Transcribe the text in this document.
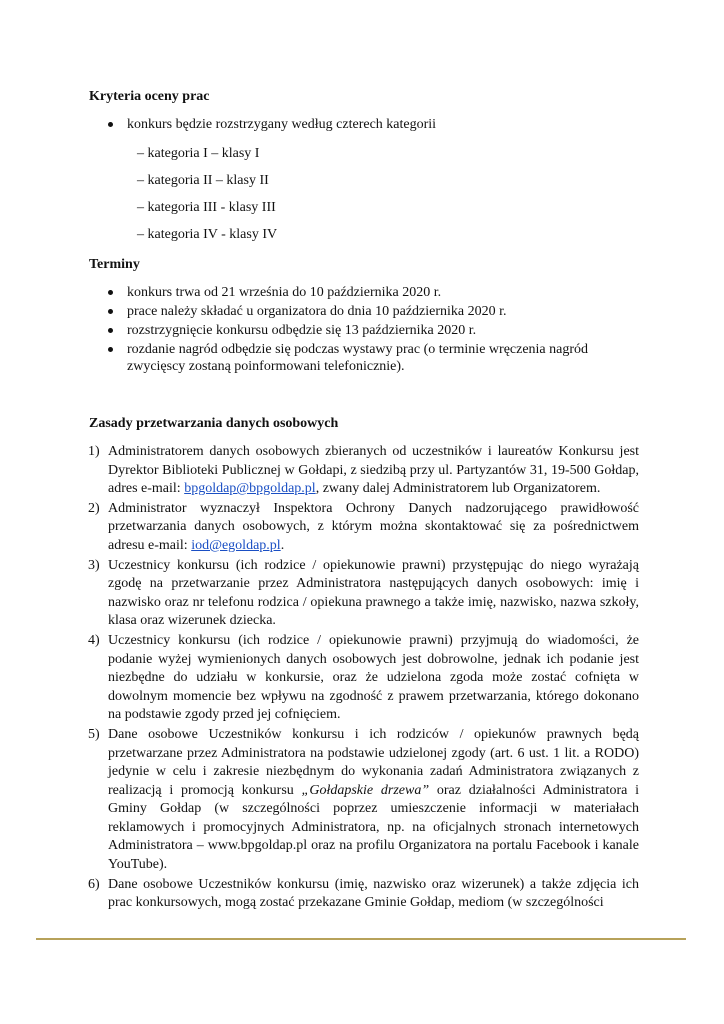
Kryteria oceny prac
konkurs będzie rozstrzygany według czterech kategorii

– kategoria I – klasy I

– kategoria II – klasy II

– kategoria III - klasy III

– kategoria IV - klasy IV

Terminy
konkurs trwa od 21 września do 10 października 2020 r.
prace należy składać u organizatora do dnia 10 października 2020 r.
rozstrzygnięcie konkursu odbędzie się 13 października 2020 r.
rozdanie nagród odbędzie się podczas wystawy prac (o terminie wręczenia nagród zwycięscy zostaną poinformowani telefonicznie).
Zasady przetwarzania danych osobowych
1) Administratorem danych osobowych zbieranych od uczestników i laureatów Konkursu jest Dyrektor Biblioteki Publicznej w Gołdapi, z siedzibą przy ul. Partyzantów 31, 19-500 Gołdap, adres e-mail: bpgoldap@bpgoldap.pl, zwany dalej Administratorem lub Organizatorem.
2) Administrator wyznaczył Inspektora Ochrony Danych nadzorującego prawidłowość przetwarzania danych osobowych, z którym można skontaktować się za pośrednictwem adresu e-mail: iod@egoldap.pl.
3) Uczestnicy konkursu (ich rodzice / opiekunowie prawni) przystępując do niego wyrażają zgodę na przetwarzanie przez Administratora następujących danych osobowych: imię i nazwisko oraz nr telefonu rodzica / opiekuna prawnego a także imię, nazwisko, nazwa szkoły, klasa oraz wizerunek dziecka.
4) Uczestnicy konkursu (ich rodzice / opiekunowie prawni) przyjmują do wiadomości, że podanie wyżej wymienionych danych osobowych jest dobrowolne, jednak ich podanie jest niezbędne do udziału w konkursie, oraz że udzielona zgoda może zostać cofnięta w dowolnym momencie bez wpływu na zgodność z prawem przetwarzania, którego dokonano na podstawie zgody przed jej cofnięciem.
5) Dane osobowe Uczestników konkursu i ich rodziców / opiekunów prawnych będą przetwarzane przez Administratora na podstawie udzielonej zgody (art. 6 ust. 1 lit. a RODO) jedynie w celu i zakresie niezbędnym do wykonania zadań Administratora związanych z realizacją i promocją konkursu „Gołdapskie drzewa” oraz działalności Administratora i Gminy Gołdap (w szczególności poprzez umieszczenie informacji w materiałach reklamowych i promocyjnych Administratora, np. na oficjalnych stronach internetowych Administratora – www.bpgoldap.pl oraz na profilu Organizatora na portalu Facebook i kanale YouTube).
6) Dane osobowe Uczestników konkursu (imię, nazwisko oraz wizerunek) a także zdjęcia ich prac konkursowych, mogą zostać przekazane Gminie Gołdap, mediom (w szczególności
